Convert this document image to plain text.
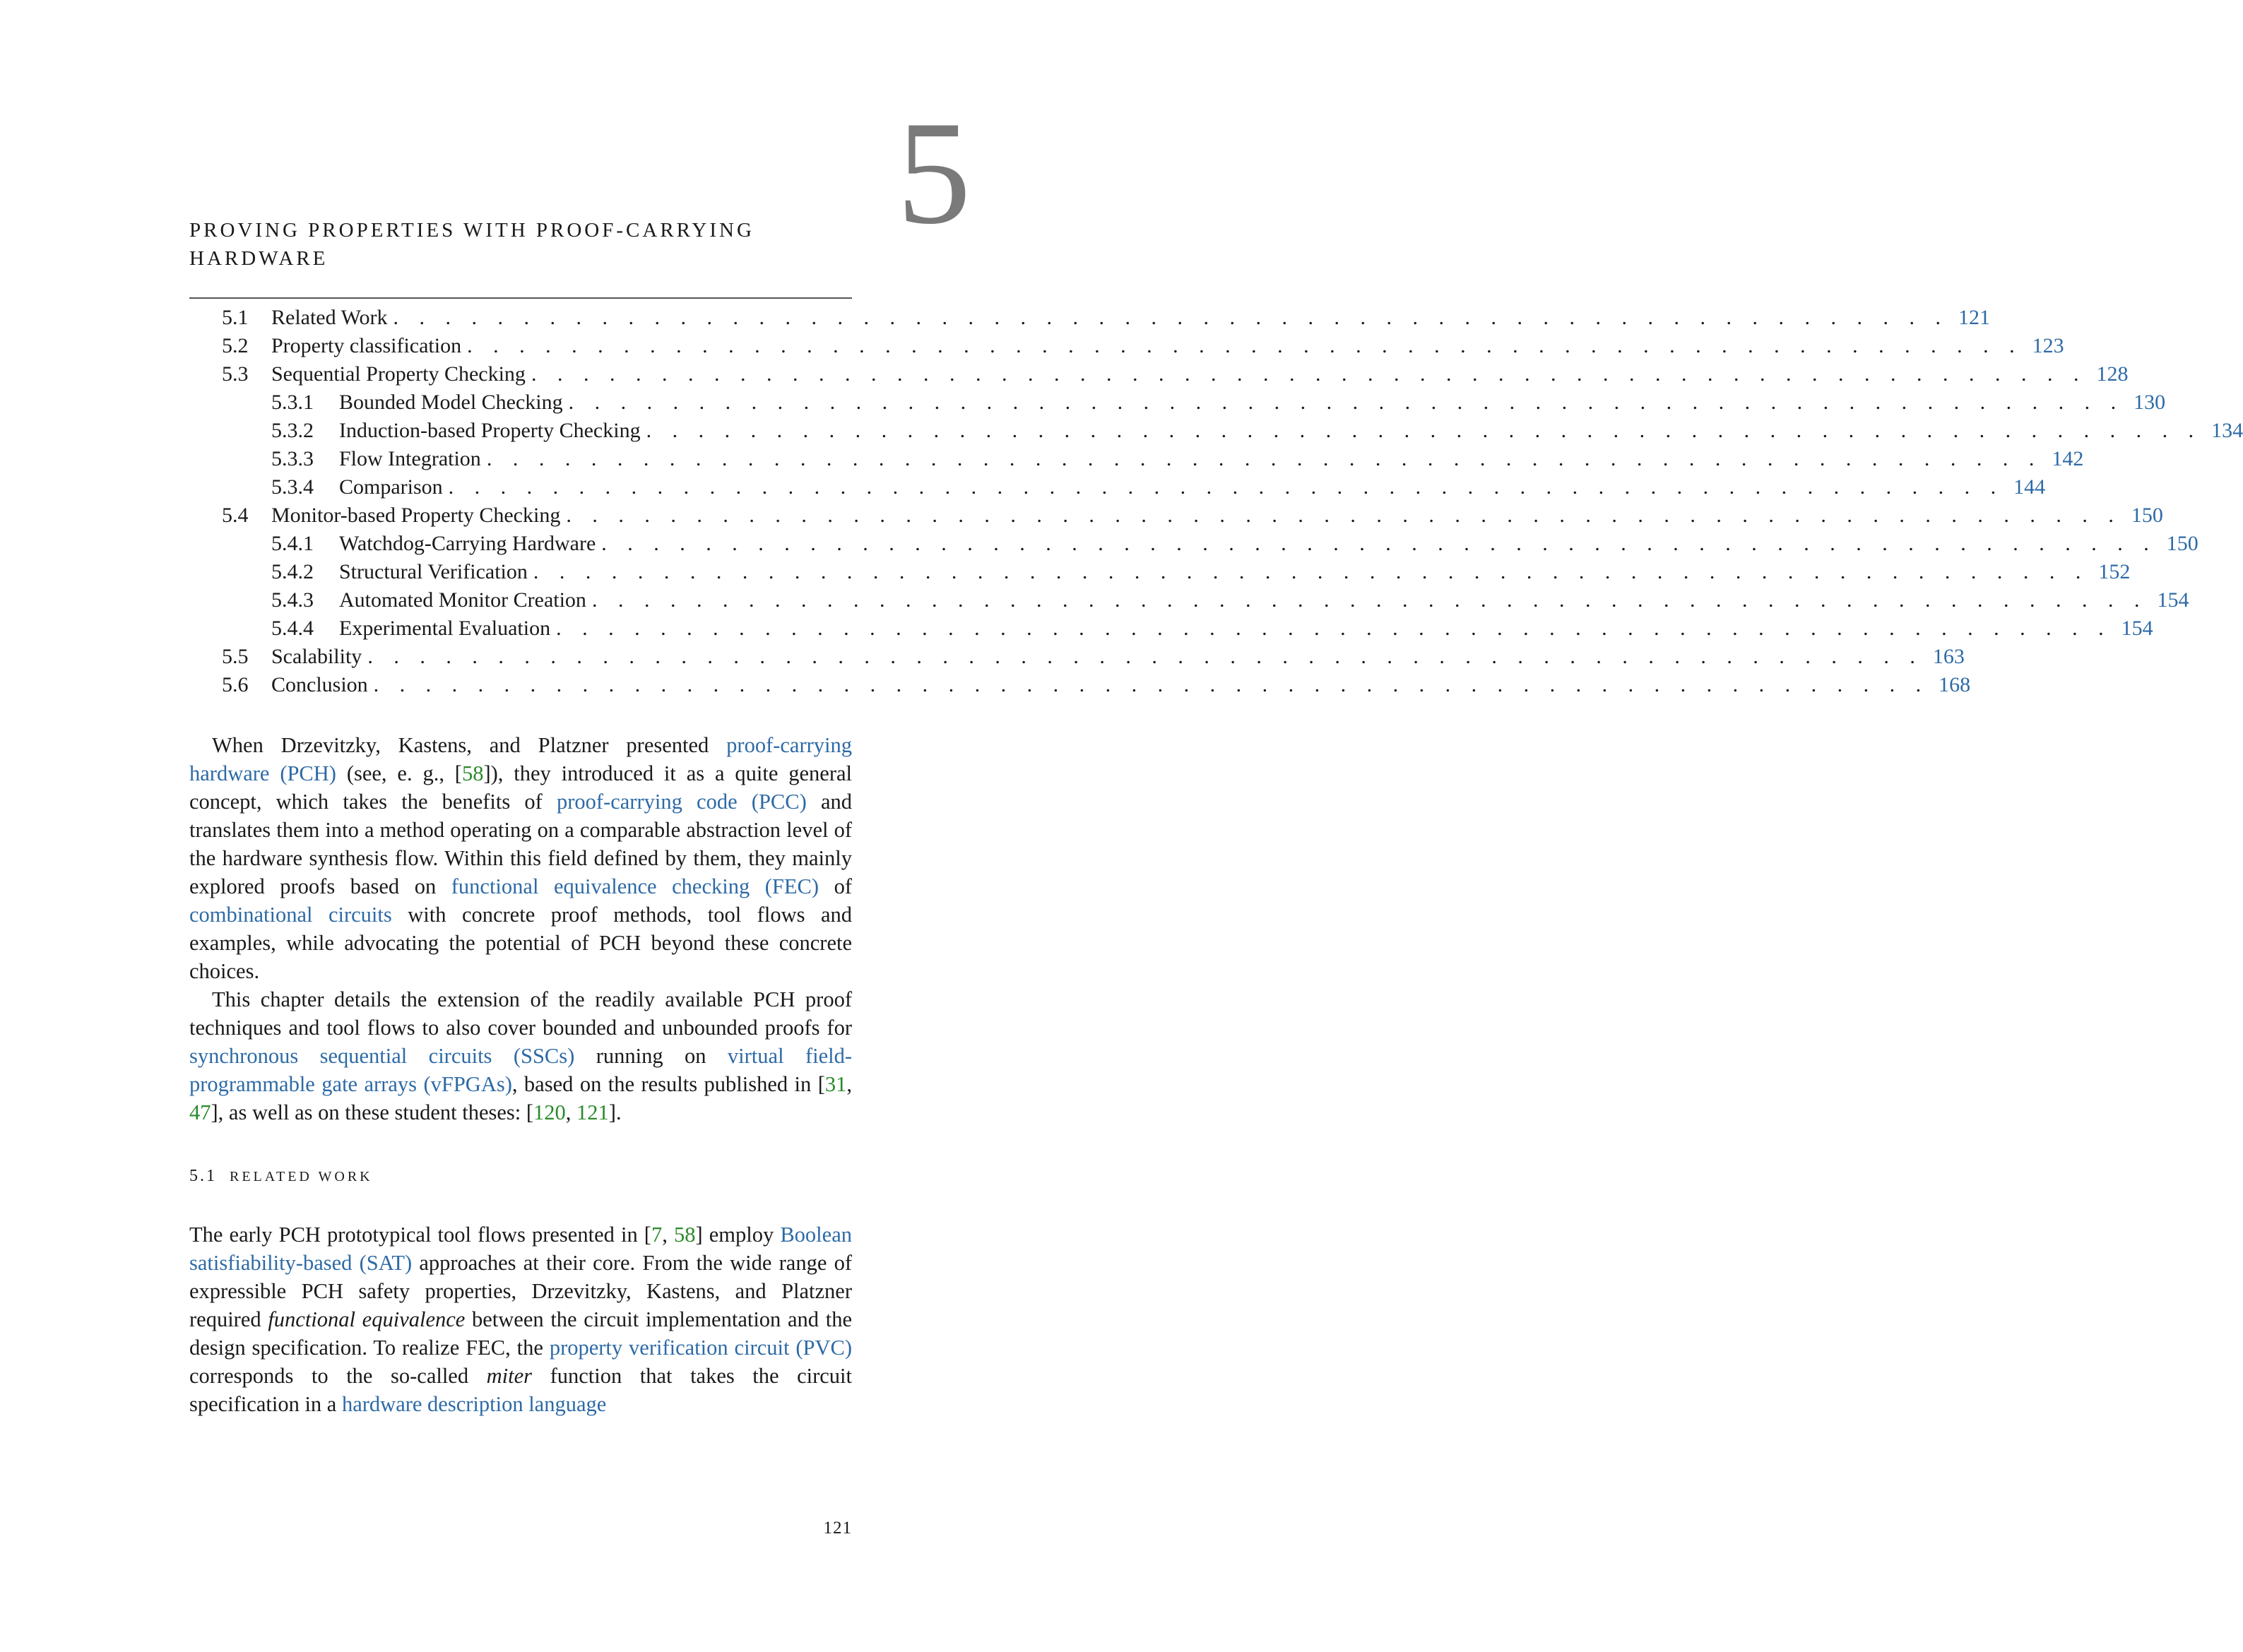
5
PROVING PROPERTIES WITH PROOF-CARRYING
HARDWARE
5.1 Related Work . . . . . . . . . . . . . . . . . . . . . . . . . . . . . . . . . . . . . . . . . . . . . . . . . . . . . . . . . . . . 121
5.2 Property classification . . . . . . . . . . . . . . . . . . . . . . . . . . . . . . . . . . . . . . . . . . . . . . . . . . . . . . . . . . . . 123
5.3 Sequential Property Checking . . . . . . . . . . . . . . . . . . . . . . . . . . . . . . . . . . . . . . . . . . . . . . . . . . . . . . . . . . . . 128
5.3.1 Bounded Model Checking . . . . . . . . . . . . . . . . . . . . . . . . . . . . . . . . . . . . . . . . . . . . . . . . . . . . . . . . . . . . 130
5.3.2 Induction-based Property Checking . . . . . . . . . . . . . . . . . . . . . . . . . . . . . . . . . . . . . . . . . . . . . . . . . . . . . . . . . . . . 134
5.3.3 Flow Integration . . . . . . . . . . . . . . . . . . . . . . . . . . . . . . . . . . . . . . . . . . . . . . . . . . . . . . . . . . . . 142
5.3.4 Comparison . . . . . . . . . . . . . . . . . . . . . . . . . . . . . . . . . . . . . . . . . . . . . . . . . . . . . . . . . . . . 144
5.4 Monitor-based Property Checking . . . . . . . . . . . . . . . . . . . . . . . . . . . . . . . . . . . . . . . . . . . . . . . . . . . . . . . . . . . . 150
5.4.1 Watchdog-Carrying Hardware . . . . . . . . . . . . . . . . . . . . . . . . . . . . . . . . . . . . . . . . . . . . . . . . . . . . . . . . . . . . 150
5.4.2 Structural Verification . . . . . . . . . . . . . . . . . . . . . . . . . . . . . . . . . . . . . . . . . . . . . . . . . . . . . . . . . . . . 152
5.4.3 Automated Monitor Creation . . . . . . . . . . . . . . . . . . . . . . . . . . . . . . . . . . . . . . . . . . . . . . . . . . . . . . . . . . . . 154
5.4.4 Experimental Evaluation . . . . . . . . . . . . . . . . . . . . . . . . . . . . . . . . . . . . . . . . . . . . . . . . . . . . . . . . . . . . 154
5.5 Scalability . . . . . . . . . . . . . . . . . . . . . . . . . . . . . . . . . . . . . . . . . . . . . . . . . . . . . . . . . . . . 163
5.6 Conclusion . . . . . . . . . . . . . . . . . . . . . . . . . . . . . . . . . . . . . . . . . . . . . . . . . . . . . . . . . . . . 168

When Drzevitzky, Kastens, and Platzner presented proof-carrying hardware (PCH) (see, e. g., [58]), they introduced it as a quite general concept, which takes the benefits of proof-carrying code (PCC) and translates them into a method operating on a comparable abstraction level of the hardware synthesis flow. Within this field defined by them, they mainly explored proofs based on functional equivalence checking (FEC) of combinational circuits with concrete proof methods, tool flows and examples, while advocating the potential of PCH beyond these concrete choices.

This chapter details the extension of the readily available PCH proof techniques and tool flows to also cover bounded and unbounded proofs for synchronous sequential circuits (SSCs) running on virtual field-programmable gate arrays (vFPGAs), based on the results published in [31, 47], as well as on these student theses: [120, 121].

5.1 RELATED WORK

The early PCH prototypical tool flows presented in [7, 58] employ Boolean satisfiability-based (SAT) approaches at their core. From the wide range of expressible PCH safety properties, Drzevitzky, Kastens, and Platzner required functional equivalence between the circuit implementation and the design specification. To realize FEC, the property verification circuit (PVC) corresponds to the so-called miter function that takes the circuit specification in a hardware description language

121
